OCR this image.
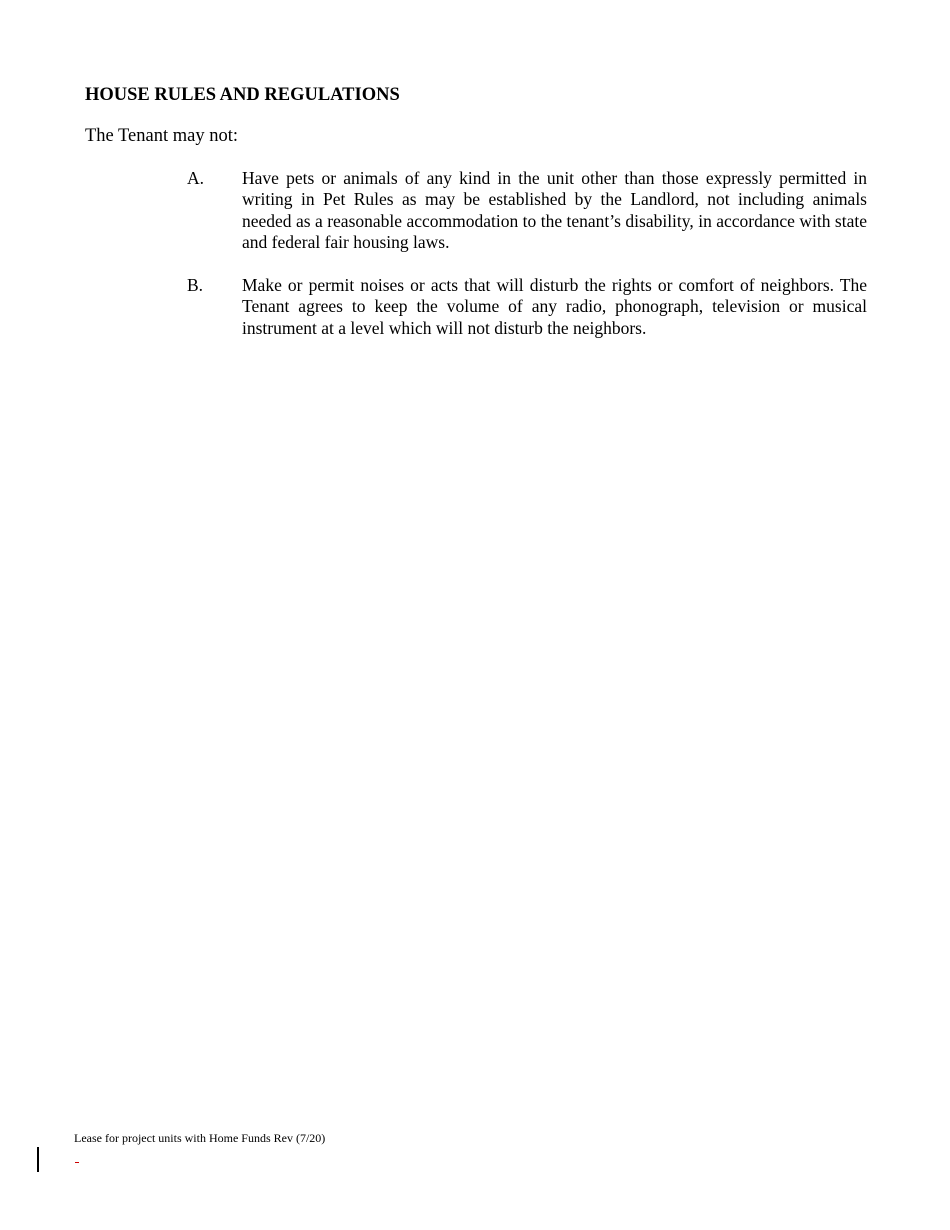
HOUSE RULES AND REGULATIONS
The Tenant may not:
A. Have pets or animals of any kind in the unit other than those expressly permitted in writing in Pet Rules as may be established by the Landlord, not including animals needed as a reasonable accommodation to the tenant’s disability, in accordance with state and federal fair housing laws.
B. Make or permit noises or acts that will disturb the rights or comfort of neighbors. The Tenant agrees to keep the volume of any radio, phonograph, television or musical instrument at a level which will not disturb the neighbors.
Lease for project units with Home Funds Rev (7/20)
